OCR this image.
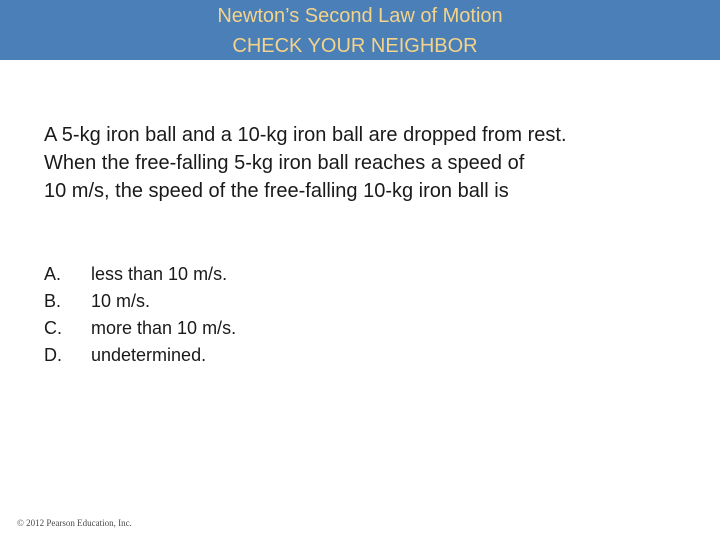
Newton’s Second Law of Motion
CHECK YOUR NEIGHBOR
A 5-kg iron ball and a 10-kg iron ball are dropped from rest.
When the free-falling 5-kg iron ball reaches a speed of
10 m/s, the speed of the free-falling 10-kg iron ball is
A. less than 10 m/s.
B. 10 m/s.
C. more than 10 m/s.
D. undetermined.
© 2012 Pearson Education, Inc.
